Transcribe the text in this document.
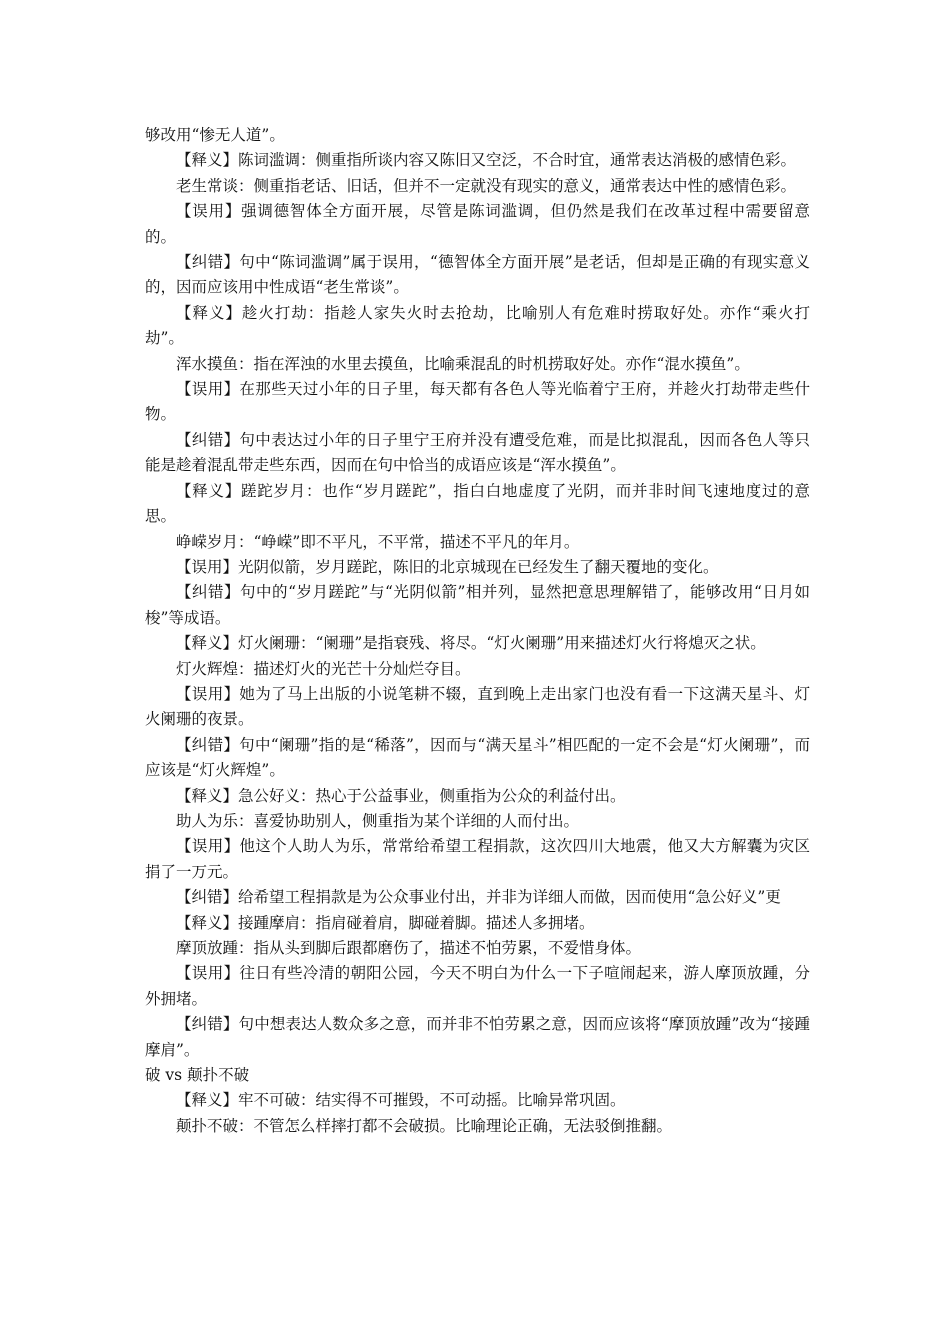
够改用“惨无人道”。

【释义】陈词滥调：侧重指所谈内容又陈旧又空泛，不合时宜，通常表达消极的感情色彩。

老生常谈：侧重指老话、旧话，但并不一定就没有现实的意义，通常表达中性的感情色彩。

【误用】强调德智体全方面开展，尽管是陈词滥调，但仍然是我们在改革过程中需要留意的。

【纠错】句中“陈词滥调”属于误用，“德智体全方面开展”是老话，但却是正确的有现实意义的，因而应该用中性成语“老生常谈”。

【释义】趁火打劫：指趁人家失火时去抢劫，比喻别人有危难时捞取好处。亦作“乘火打劫”。

浑水摸鱼：指在浑浊的水里去摸鱼，比喻乘混乱的时机捞取好处。亦作“混水摸鱼”。

【误用】在那些天过小年的日子里，每天都有各色人等光临着宁王府，并趁火打劫带走些什物。

【纠错】句中表达过小年的日子里宁王府并没有遭受危难，而是比拟混乱，因而各色人等只能是趁着混乱带走些东西，因而在句中恰当的成语应该是“浑水摸鱼”。

【释义】蹉跎岁月：也作“岁月蹉跎”，指白白地虚度了光阴，而并非时间飞速地度过的意思。

峥嵘岁月：“峥嵘”即不平凡，不平常，描述不平凡的年月。

【误用】光阴似箭，岁月蹉跎，陈旧的北京城现在已经发生了翻天覆地的变化。

【纠错】句中的“岁月蹉跎”与“光阴似箭”相并列，显然把意思理解错了，能够改用“日月如梭”等成语。

【释义】灯火阑珊：“阑珊”是指衰残、将尽。“灯火阑珊”用来描述灯火行将熄灭之状。

灯火辉煌：描述灯火的光芒十分灿烂夺目。

【误用】她为了马上出版的小说笔耕不辍，直到晚上走出家门也没有看一下这满天星斗、灯火阑珊的夜景。

【纠错】句中“阑珊”指的是“稀落”，因而与“满天星斗”相匹配的一定不会是“灯火阑珊”，而应该是“灯火辉煌”。

【释义】急公好义：热心于公益事业，侧重指为公众的利益付出。

助人为乐：喜爱协助别人，侧重指为某个详细的人而付出。

【误用】他这个人助人为乐，常常给希望工程捐款，这次四川大地震，他又大方解囊为灾区捐了一万元。

【纠错】给希望工程捐款是为公众事业付出，并非为详细人而做，因而使用“急公好义”更

【释义】接踵摩肩：指肩碰着肩，脚碰着脚。描述人多拥堵。

摩顶放踵：指从头到脚后跟都磨伤了，描述不怕劳累，不爱惜身体。

【误用】往日有些冷清的朝阳公园，今天不明白为什么一下子喧闹起来，游人摩顶放踵，分外拥堵。

【纠错】句中想表达人数众多之意，而并非不怕劳累之意，因而应该将“摩顶放踵”改为“接踵摩肩”。

破 vs 颠扑不破

【释义】牢不可破：结实得不可摧毁，不可动摇。比喻异常巩固。

颠扑不破：不管怎么样摔打都不会破损。比喻理论正确，无法驳倒推翻。
